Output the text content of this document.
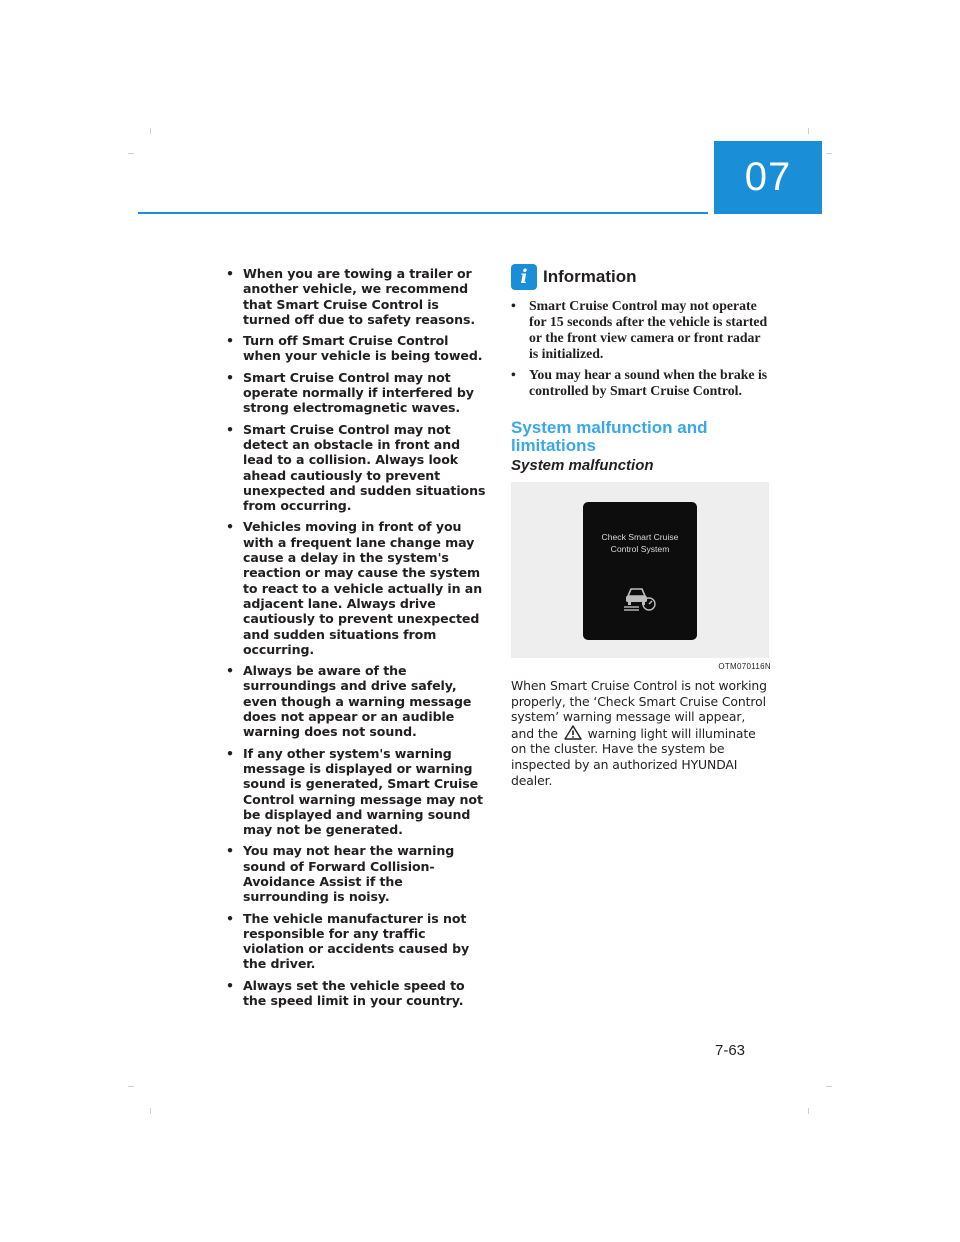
07
• When you are towing a trailer or another vehicle, we recommend that Smart Cruise Control is turned off due to safety reasons.
• Turn off Smart Cruise Control when your vehicle is being towed.
• Smart Cruise Control may not operate normally if interfered by strong electromagnetic waves.
• Smart Cruise Control may not detect an obstacle in front and lead to a collision. Always look ahead cautiously to prevent unexpected and sudden situations from occurring.
• Vehicles moving in front of you with a frequent lane change may cause a delay in the system's reaction or may cause the system to react to a vehicle actually in an adjacent lane. Always drive cautiously to prevent unexpected and sudden situations from occurring.
• Always be aware of the surroundings and drive safely, even though a warning message does not appear or an audible warning does not sound.
• If any other system's warning message is displayed or warning sound is generated, Smart Cruise Control warning message may not be displayed and warning sound may not be generated.
• You may not hear the warning sound of Forward Collision-Avoidance Assist if the surrounding is noisy.
• The vehicle manufacturer is not responsible for any traffic violation or accidents caused by the driver.
• Always set the vehicle speed to the speed limit in your country.
i Information
• Smart Cruise Control may not operate for 15 seconds after the vehicle is started or the front view camera or front radar is initialized.
• You may hear a sound when the brake is controlled by Smart Cruise Control.
System malfunction and limitations
System malfunction
Check Smart Cruise
Control System
OTM070116N

When Smart Cruise Control is not working properly, the ‘Check Smart Cruise Control system’ warning message will appear, and the warning light will illuminate on the cluster. Have the system be inspected by an authorized HYUNDAI dealer.

7-63
